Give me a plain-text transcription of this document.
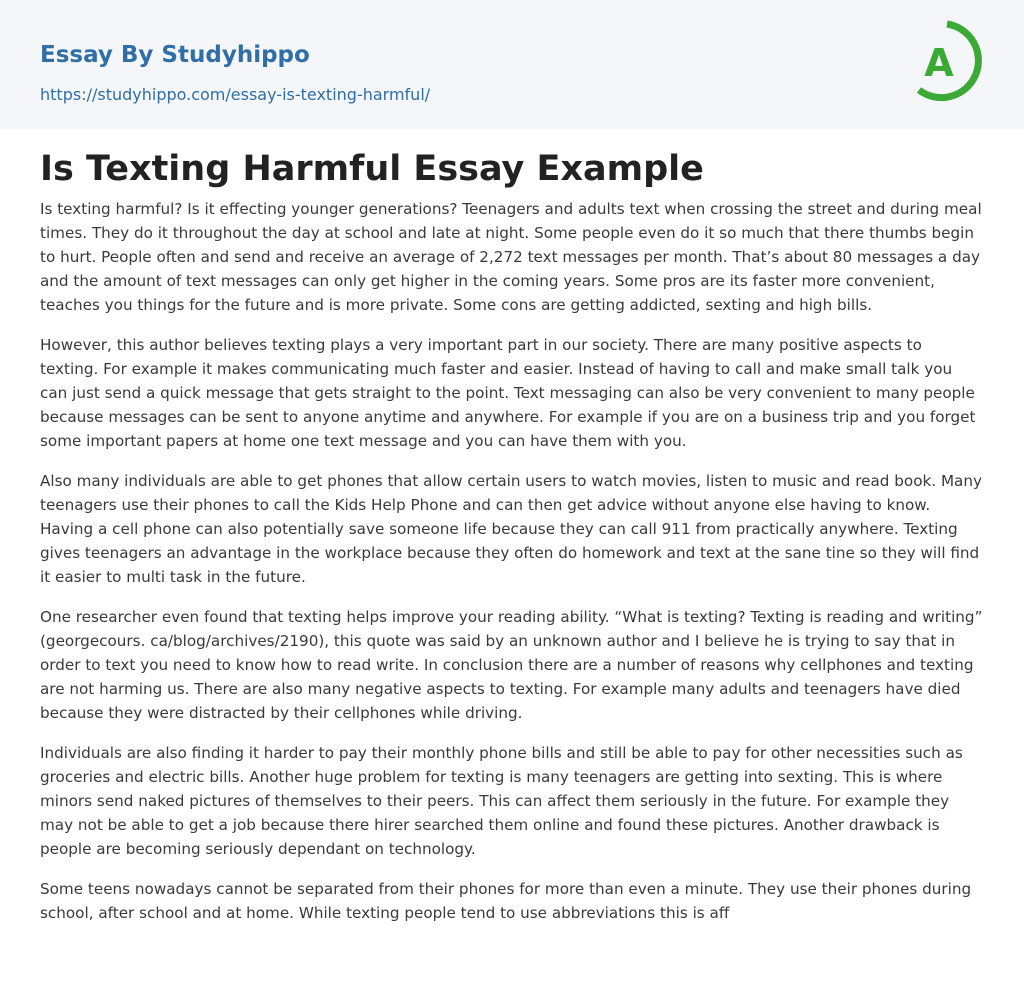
Essay By Studyhippo
https://studyhippo.com/essay-is-texting-harmful/
A
Is Texting Harmful Essay Example

Is texting harmful? Is it effecting younger generations? Teenagers and adults text when crossing the street and during meal times. They do it throughout the day at school and late at night. Some people even do it so much that there thumbs begin to hurt. People often and send and receive an average of 2,272 text messages per month. That’s about 80 messages a day and the amount of text messages can only get higher in the coming years. Some pros are its faster more convenient, teaches you things for the future and is more private. Some cons are getting addicted, sexting and high bills.

However, this author believes texting plays a very important part in our society. There are many positive aspects to texting. For example it makes communicating much faster and easier. Instead of having to call and make small talk you can just send a quick message that gets straight to the point. Text messaging can also be very convenient to many people because messages can be sent to anyone anytime and anywhere. For example if you are on a business trip and you forget some important papers at home one text message and you can have them with you.

Also many individuals are able to get phones that allow certain users to watch movies, listen to music and read book. Many teenagers use their phones to call the Kids Help Phone and can then get advice without anyone else having to know. Having a cell phone can also potentially save someone life because they can call 911 from practically anywhere. Texting gives teenagers an advantage in the workplace because they often do homework and text at the sane tine so they will find it easier to multi task in the future.

One researcher even found that texting helps improve your reading ability. “What is texting? Texting is reading and writing” (georgecours. ca/blog/archives/2190), this quote was said by an unknown author and I believe he is trying to say that in order to text you need to know how to read write. In conclusion there are a number of reasons why cellphones and texting are not harming us. There are also many negative aspects to texting. For example many adults and teenagers have died because they were distracted by their cellphones while driving.

Individuals are also finding it harder to pay their monthly phone bills and still be able to pay for other necessities such as groceries and electric bills. Another huge problem for texting is many teenagers are getting into sexting. This is where minors send naked pictures of themselves to their peers. This can affect them seriously in the future. For example they may not be able to get a job because there hirer searched them online and found these pictures. Another drawback is people are becoming seriously dependant on technology.

Some teens nowadays cannot be separated from their phones for more than even a minute. They use their phones during school, after school and at home. While texting people tend to use abbreviations this is aff
